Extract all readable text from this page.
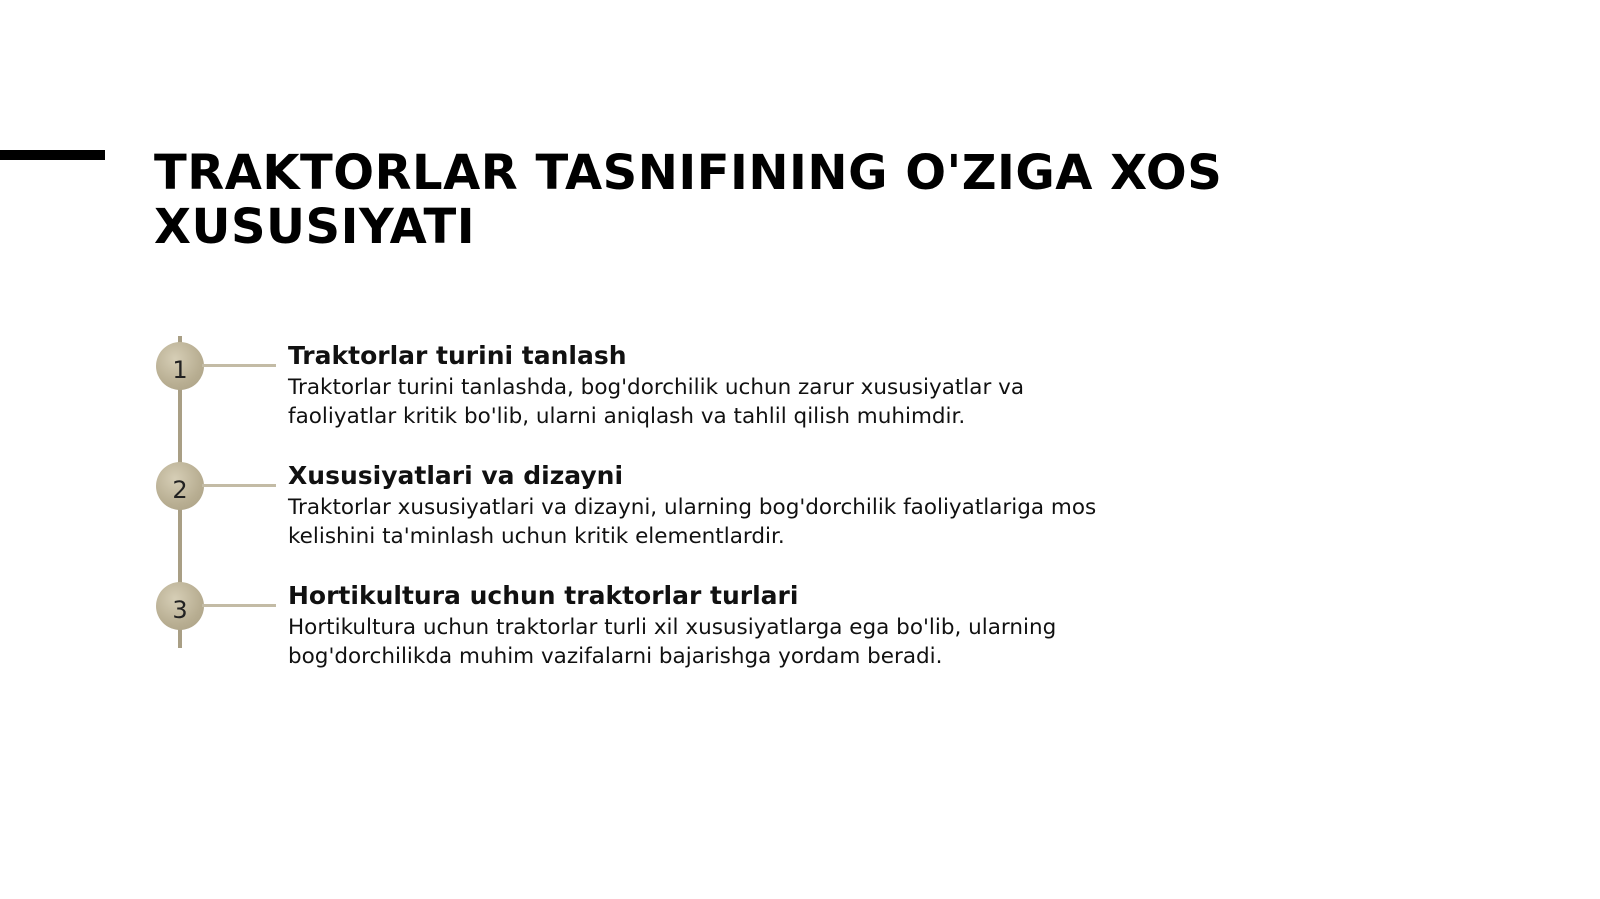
TRAKTORLAR TASNIFINING O'ZIGA XOS XUSUSIYATI
1	Traktorlar turini tanlash

Traktorlar turini tanlashda, bog'dorchilik uchun zarur xususiyatlar va faoliyatlar kritik bo'lib, ularni aniqlash va tahlil qilish muhimdir.

2	Xususiyatlari va dizayni

Traktorlar xususiyatlari va dizayni, ularning bog'dorchilik faoliyatlariga mos kelishini ta'minlash uchun kritik elementlardir.

3	Hortikultura uchun traktorlar turlari

Hortikultura uchun traktorlar turli xil xususiyatlarga ega bo'lib, ularning bog'dorchilikda muhim vazifalarni bajarishga yordam beradi.
